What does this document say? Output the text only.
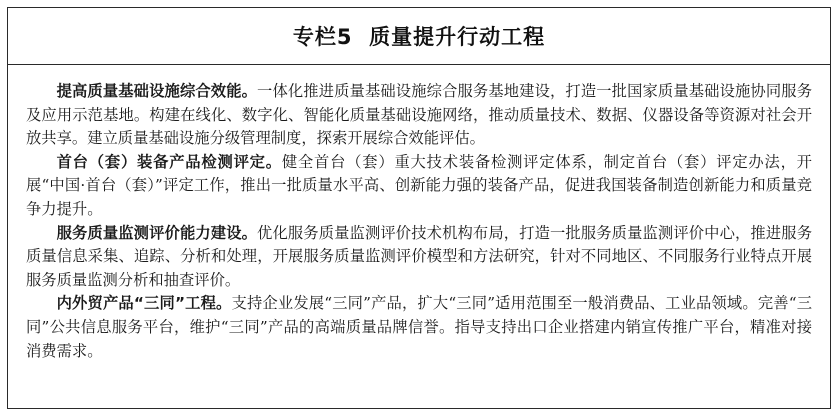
专栏5  质量提升行动工程

提高质量基础设施综合效能。一体化推进质量基础设施综合服务基地建设，打造一批国家质量基础设施协同服务及应用示范基地。构建在线化、数字化、智能化质量基础设施网络，推动质量技术、数据、仪器设备等资源对社会开放共享。建立质量基础设施分级管理制度，探索开展综合效能评估。

首台（套）装备产品检测评定。健全首台（套）重大技术装备检测评定体系，制定首台（套）评定办法，开展“中国·首台（套）”评定工作，推出一批质量水平高、创新能力强的装备产品，促进我国装备制造创新能力和质量竞争力提升。

服务质量监测评价能力建设。优化服务质量监测评价技术机构布局，打造一批服务质量监测评价中心，推进服务质量信息采集、追踪、分析和处理，开展服务质量监测评价模型和方法研究，针对不同地区、不同服务行业特点开展服务质量监测分析和抽查评价。

内外贸产品“三同”工程。支持企业发展“三同”产品，扩大“三同”适用范围至一般消费品、工业品领域。完善“三同”公共信息服务平台，维护“三同”产品的高端质量品牌信誉。指导支持出口企业搭建内销宣传推广平台，精准对接消费需求。
